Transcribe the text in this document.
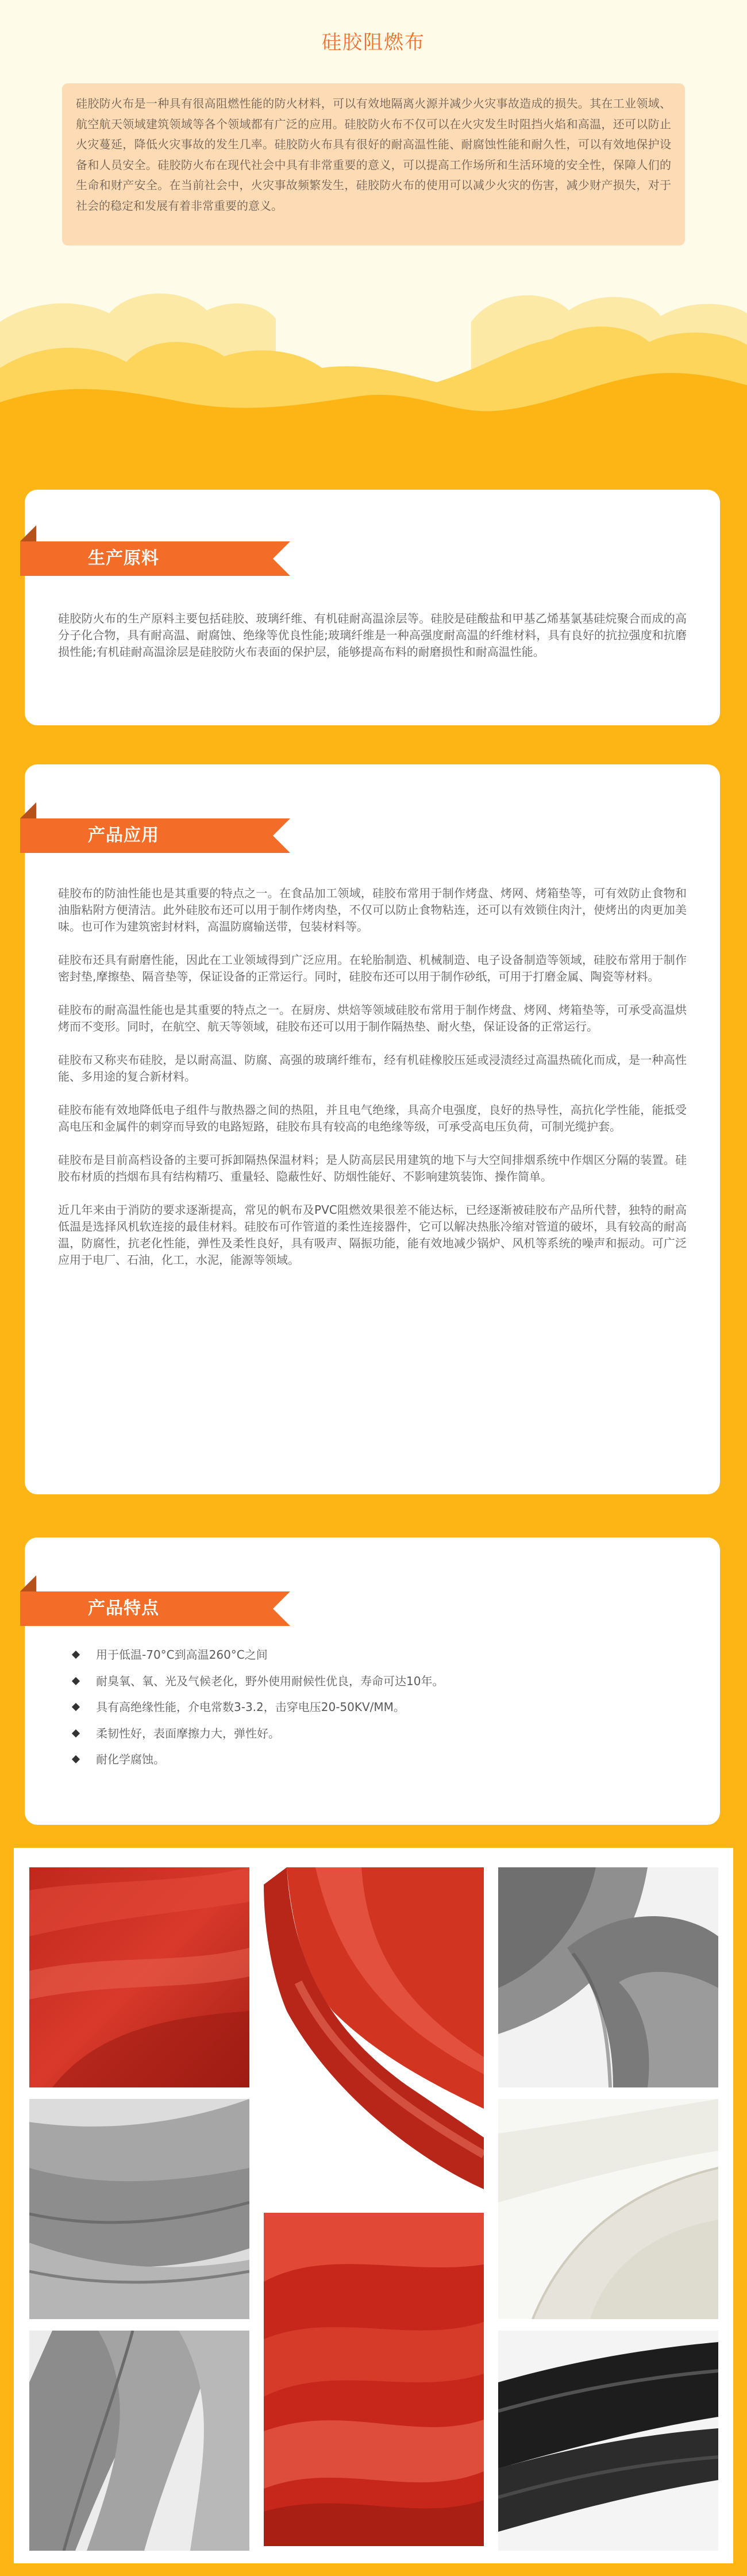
硅胶阻燃布
硅胶防火布是一种具有很高阻燃性能的防火材料，可以有效地隔离火源并减少火灾事故造成的损失。其在工业领域、航空航天领域建筑领域等各个领域都有广泛的应用。硅胶防火布不仅可以在火灾发生时阻挡火焰和高温，还可以防止火灾蔓延，降低火灾事故的发生几率。硅胶防火布具有很好的耐高温性能、耐腐蚀性能和耐久性，可以有效地保护设备和人员安全。硅胶防火布在现代社会中具有非常重要的意义，可以提高工作场所和生活环境的安全性，保障人们的生命和财产安全。在当前社会中，火灾事故频繁发生，硅胶防火布的使用可以减少火灾的伤害，减少财产损失，对于社会的稳定和发展有着非常重要的意义。
生产原料
硅胶防火布的生产原料主要包括硅胶、玻璃纤维、有机硅耐高温涂层等。硅胶是硅酸盐和甲基乙烯基氯基硅烷聚合而成的高分子化合物，具有耐高温、耐腐蚀、绝缘等优良性能;玻璃纤维是一种高强度耐高温的纤维材料，具有良好的抗拉强度和抗磨损性能;有机硅耐高温涂层是硅胶防火布表面的保护层，能够提高布料的耐磨损性和耐高温性能。
产品应用

硅胶布的防油性能也是其重要的特点之一。在食品加工领域，硅胶布常用于制作烤盘、烤网、烤箱垫等，可有效防止食物和油脂粘附方便清洁。此外硅胶布还可以用于制作烤肉垫，不仅可以防止食物粘连，还可以有效锁住肉汁，使烤出的肉更加美味。也可作为建筑密封材料，高温防腐输送带，包装材料等。

硅胶布还具有耐磨性能，因此在工业领域得到广泛应用。在轮胎制造、机械制造、电子设备制造等领域，硅胶布常用于制作密封垫,摩擦垫、隔音垫等，保证设备的正常运行。同时，硅胶布还可以用于制作砂纸，可用于打磨金属、陶瓷等材料。

硅胶布的耐高温性能也是其重要的特点之一。在厨房、烘焙等领域硅胶布常用于制作烤盘、烤网、烤箱垫等，可承受高温烘烤而不变形。同时，在航空、航天等领域，硅胶布还可以用于制作隔热垫、耐火垫，保证设备的正常运行。

硅胶布又称夹布硅胶，是以耐高温、防腐、高强的玻璃纤维布，经有机硅橡胶压延或浸渍经过高温热硫化而成，是一种高性能、多用途的复合新材料。

硅胶布能有效地降低电子组件与散热器之间的热阻，并且电气绝缘，具高介电强度，良好的热导性，高抗化学性能，能抵受高电压和金属件的刺穿而导致的电路短路，硅胶布具有较高的电绝缘等级，可承受高电压负荷，可制光缆护套。

硅胶布是目前高档设备的主要可拆卸隔热保温材料；是人防高层民用建筑的地下与大空间排烟系统中作烟区分隔的装置。硅胶布材质的挡烟布具有结构精巧、重量轻、隐蔽性好、防烟性能好、不影响建筑装饰、操作简单。

近几年来由于消防的要求逐渐提高，常见的帆布及PVC阻燃效果很差不能达标，已经逐渐被硅胶布产品所代替，独特的耐高低温是选择风机软连接的最佳材料。硅胶布可作管道的柔性连接器件，它可以解决热胀冷缩对管道的破坏，具有较高的耐高温，防腐性，抗老化性能，弹性及柔性良好，具有吸声、隔振功能，能有效地减少锅炉、风机等系统的噪声和振动。可广泛应用于电厂、石油，化工，水泥，能源等领域。

产品特点
用于低温-70°C到高温260°C之间
耐臭氧、氧、光及气候老化，野外使用耐候性优良，寿命可达10年。
具有高绝缘性能，介电常数3-3.2，击穿电压20-50KV/MM。
柔韧性好，表面摩擦力大，弹性好。
耐化学腐蚀。
